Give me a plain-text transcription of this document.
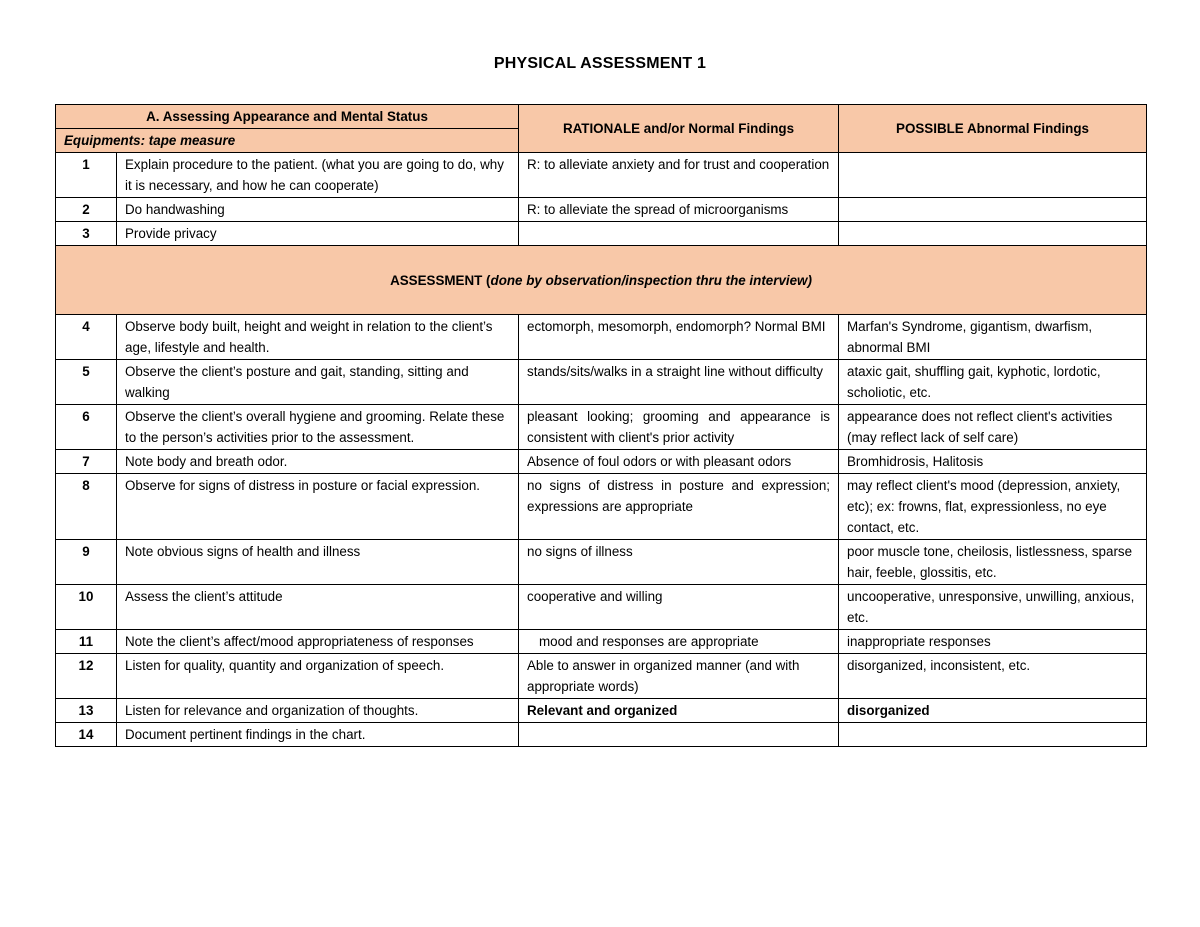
PHYSICAL ASSESSMENT 1
A. Assessing Appearance and Mental Status		RATIONALE and/or Normal Findings	POSSIBLE Abnormal Findings
Equipments: tape measure			
1	Explain procedure to the patient. (what you are going to do, why it is necessary, and how he can cooperate)	R: to alleviate anxiety and for trust and cooperation	
2	Do handwashing	R: to alleviate the spread of microorganisms	
3	Provide privacy		
ASSESSMENT (done by observation/inspection thru the interview)			
4	Observe body built, height and weight in relation to the client’s age, lifestyle and health.	ectomorph, mesomorph, endomorph? Normal BMI	Marfan's Syndrome, gigantism, dwarfism, abnormal BMI
5	Observe the client’s posture and gait, standing, sitting and walking	stands/sits/walks in a straight line without difficulty	ataxic gait, shuffling gait, kyphotic, lordotic, scholiotic, etc.
6	Observe the client’s overall hygiene and grooming. Relate these to the person’s activities prior to the assessment.	pleasant looking; grooming and appearance is consistent with client's prior activity	appearance does not reflect client's activities (may reflect lack of self care)
7	Note body and breath odor.	Absence of foul odors or with pleasant odors	Bromhidrosis, Halitosis
8	Observe for signs of distress in posture or facial expression.	no signs of distress in posture and expression; expressions are appropriate	may reflect client's mood (depression, anxiety, etc); ex: frowns, flat, expressionless, no eye contact, etc.
9	Note obvious signs of health and illness	no signs of illness	poor muscle tone, cheilosis, listlessness, sparse hair, feeble, glossitis, etc.
10	Assess the client’s attitude	cooperative and willing	uncooperative, unresponsive, unwilling, anxious, etc.
11	Note the client’s affect/mood appropriateness of responses	mood and responses are appropriate	inappropriate responses
12	Listen for quality, quantity and organization of speech.	Able to answer in organized manner (and with appropriate words)	disorganized, inconsistent, etc.
13	Listen for relevance and organization of thoughts.	Relevant and organized	disorganized
14	Document pertinent findings in the chart.		
